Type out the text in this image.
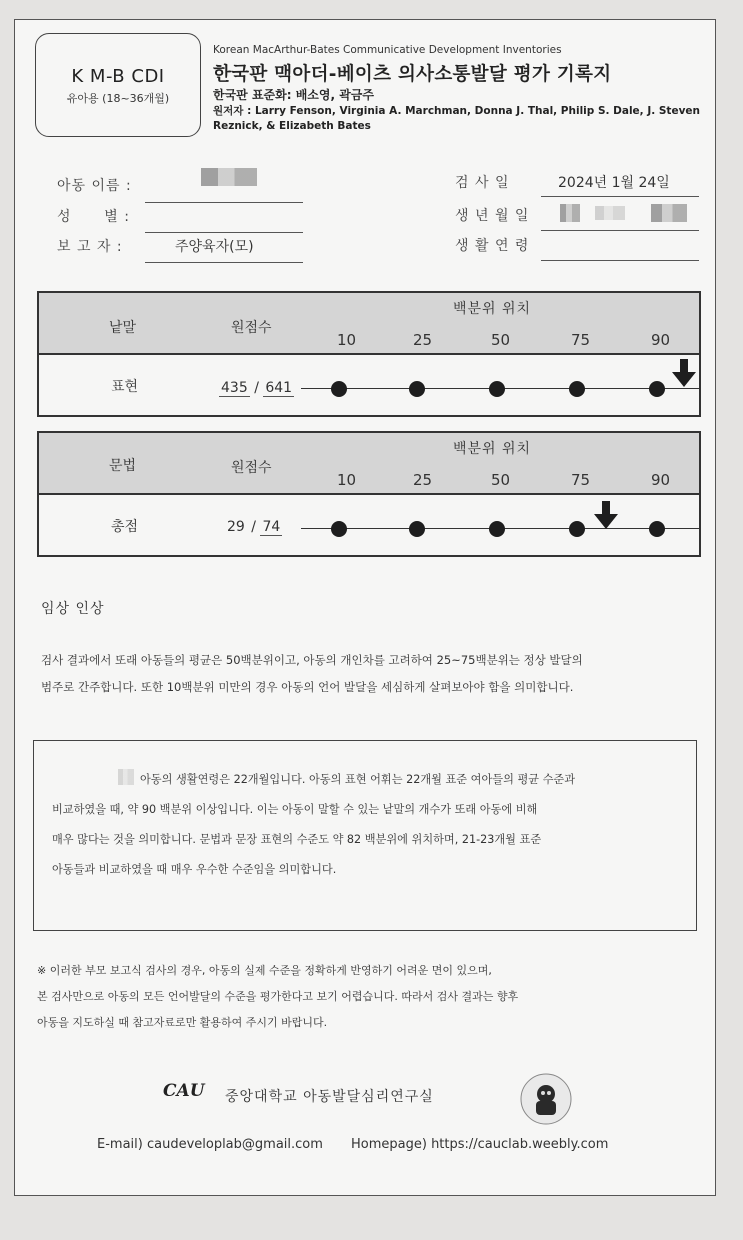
K M-B CDI
유아용 (18~36개월)
Korean MacArthur-Bates Communicative Development Inventories
한국판 맥아더-베이츠 의사소통발달 평가 기록지
한국판 표준화: 배소영, 곽금주
원저자 : Larry Fenson, Virginia A. Marchman, Donna J. Thal, Philip S. Dale, J. Steven Reznick, & Elizabeth Bates
아동 이름 :
성      별 :
보 고 자 :	주양육자(모)
검 사 일	2024년 1월 24일
생 년 월 일
생 활 연 령
낱말	원점수
백분위 위치
10	25	50	75	90
표현	435 / 641
문법	원점수
백분위 위치
10	25	50	75	90
총점	29 / 74
임상 인상
검사 결과에서 또래 아동들의 평균은 50백분위이고, 아동의 개인차를 고려하여 25~75백분위는 정상 발달의
범주로 간주합니다. 또한 10백분위 미만의 경우 아동의 언어 발달을 세심하게 살펴보아야 함을 의미합니다.
아동의 생활연령은 22개월입니다. 아동의 표현 어휘는 22개월 표준 여아들의 평균 수준과
비교하였을 때, 약 90 백분위 이상입니다. 이는 아동이 말할 수 있는 낱말의 개수가 또래 아동에 비해
매우 많다는 것을 의미합니다. 문법과 문장 표현의 수준도 약 82 백분위에 위치하며, 21-23개월 표준
아동들과 비교하였을 때 매우 우수한 수준임을 의미합니다.
※ 이러한 부모 보고식 검사의 경우, 아동의 실제 수준을 정확하게 반영하기 어려운 면이 있으며,
본 검사만으로 아동의 모든 언어발달의 수준을 평가한다고 보기 어렵습니다. 따라서 검사 결과는 향후
아동을 지도하실 때 참고자료로만 활용하여 주시기 바랍니다.
CAU 중앙대학교 아동발달심리연구실
E-mail) caudeveloplab@gmail.com Homepage) https://cauclab.weebly.com
